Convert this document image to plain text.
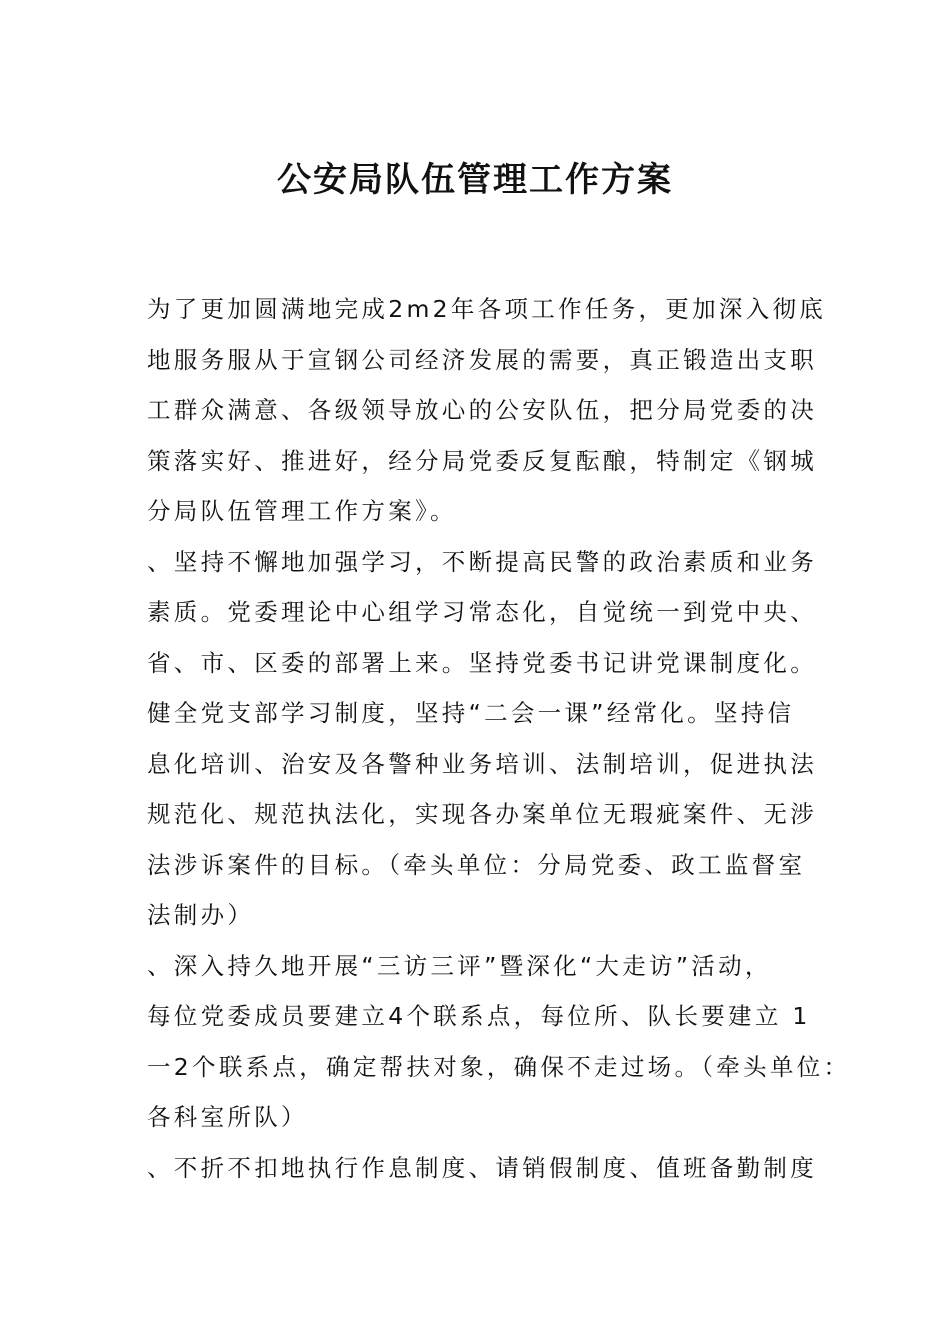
公安局队伍管理工作方案
为了更加圆满地完成2m2年各项工作任务，更加深入彻底
地服务服从于宣钢公司经济发展的需要，真正锻造出支职
工群众满意、各级领导放心的公安队伍，把分局党委的决
策落实好、推进好，经分局党委反复酝酿，特制定《钢城
分局队伍管理工作方案》。
、坚持不懈地加强学习，不断提高民警的政治素质和业务
素质。党委理论中心组学习常态化，自觉统一到党中央、
省、市、区委的部署上来。坚持党委书记讲党课制度化。
健全党支部学习制度，坚持“二会一课”经常化。坚持信
息化培训、治安及各警种业务培训、法制培训，促进执法
规范化、规范执法化，实现各办案单位无瑕疵案件、无涉
法涉诉案件的目标。（牵头单位：分局党委、政工监督室
法制办）
、深入持久地开展“三访三评”暨深化“大走访”活动，
每位党委成员要建立4个联系点，每位所、队长要建立 1
一2个联系点，确定帮扶对象，确保不走过场。（牵头单位：
各科室所队）
、不折不扣地执行作息制度、请销假制度、值班备勤制度
